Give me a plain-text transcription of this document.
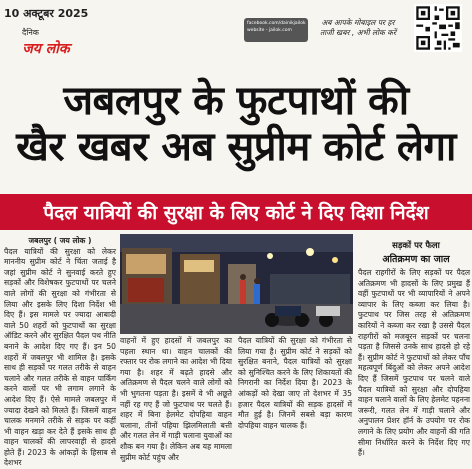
10 अक्टूबर 2025
दैनिक
जय लोक
facebook.com/dainikjailok
website - jailok.com
अब आपके मोबाइल पर हर ताजी खबर , अभी लोक करें
जबलपुर के फुटपाथों की
खैर खबर अब सुप्रीम कोर्ट लेगा
पैदल यात्रियों की सुरक्षा के लिए कोर्ट ने दिए दिशा निर्देश
जबलपुर ( जय लोक )
पैदल यात्रियों की सुरक्षा को लेकर माननीय सुप्रीम कोर्ट ने चिंता जताई है जहां सुप्रीम कोर्ट ने सुनवाई करते हुए सड़कों और विशेषकर फुटपाथों पर चलने वाले लोगों की सुरक्षा को गंभीरता से लिया और इसके लिए दिशा निर्देश भी दिए हैं। इस मामले पर ज्यादा आबादी वाले 50 शहरों को फुटपाथों का सुरक्षा ऑडिट करने और सुरक्षित पैदल पथ नीति बनाने के आदेश दिए गए हैं। इन 50 शहरों में जबलपुर भी शामिल है। इसके साथ ही सड़कों पर गलत तरीके से वाहन चलाने और गलत तरीके से वाहन पार्किंग करने वालों पर भी लगाम लगाने के आदेश दिए हैं। ऐसे मामले जबलपुर में ज्यादा देखने को मिलते हैं। जिसमें वाहन चालक मनमाने तरीके से सड़क पर कहीं भी वाहन खड़ा कर देते हैं इसके साथ ही वाहन चालकों की लापरवाही से हादसे होते हैं। 2023 के आंकड़ों के हिसाब से देशभर
वाहनों में हुए हादसों में जबलपुर का पहला स्थान था। वाहन चालकों की रफ्तार पर रोक लगाने का आदेश भी दिया गया है। शहर में बढ़ते हादसे और अतिक्रमण से पैदल चलने वाले लोगों को भी भुगतना पड़ता है। इसमें वे भी अछूते नहीं रह गए हैं जो फुटपाथ पर चलते हैं। शहर में बिना हेलमेट दोपहिया वाहन चलाना, तीनों पहिया झिलमिलाती बत्ती और गलत लेन में गाड़ी चलाना युवाओं का शौक बन गया है। लेकिन अब यह मामला सुप्रीम कोर्ट पहुंच और
पैदल यात्रियों की सुरक्षा को गंभीरता से लिया गया है। सुप्रीम कोर्ट ने सड़कों को सुरक्षित बनाने, पैदल यात्रियों को सुरक्षा को सुनिश्चित करने के लिए शिकायतों की निगरानी का निर्देश दिया है। 2023 के आंकड़ों को देखा जाए तो देशभर में 35 हजार पैदल यात्रियों की सड़क हादसों में मौत हुई है। जिनमें सबसे बड़ा कारण दोपहिया वाहन चालक हैं।
सड़कों पर फैला
अतिक्रमण का जाल
पैदल राहगीरों के लिए सड़कों पर पैदल अतिक्रमण भी हादसों के लिए प्रमुख हैं वहीं फुटपाथों पर भी व्यापारियों ने अपने व्यापार के लिए कब्जा कर लिया है। फुटपाथ पर जिस तरह से अतिक्रमण कारियों ने कब्जा कर रखा है उससे पैदल राहगीरों को मजबूरन सड़कों पर चलना पड़ता है जिससे उनके साथ हादसे हो रहे हैं। सुप्रीम कोर्ट ने फुटपाथों को लेकर पाँच महत्वपूर्ण बिंदुओं को लेकर अपने आदेश दिए हैं जिसमें फुटपाथ पर चलने वाले पैदल यात्रियों को सुरक्षा और दोपहिया वाहन चलाने वालों के लिए हेलमेट पहनना जरूरी, गलत लेन में गाड़ी चलाने और अनुपालन प्रेशर हॉर्न के उपयोग पर रोक लगाने के लिए प्रयोग और वाहनों की गति सीमा निर्धारित करने के निर्देश दिए गए हैं।
